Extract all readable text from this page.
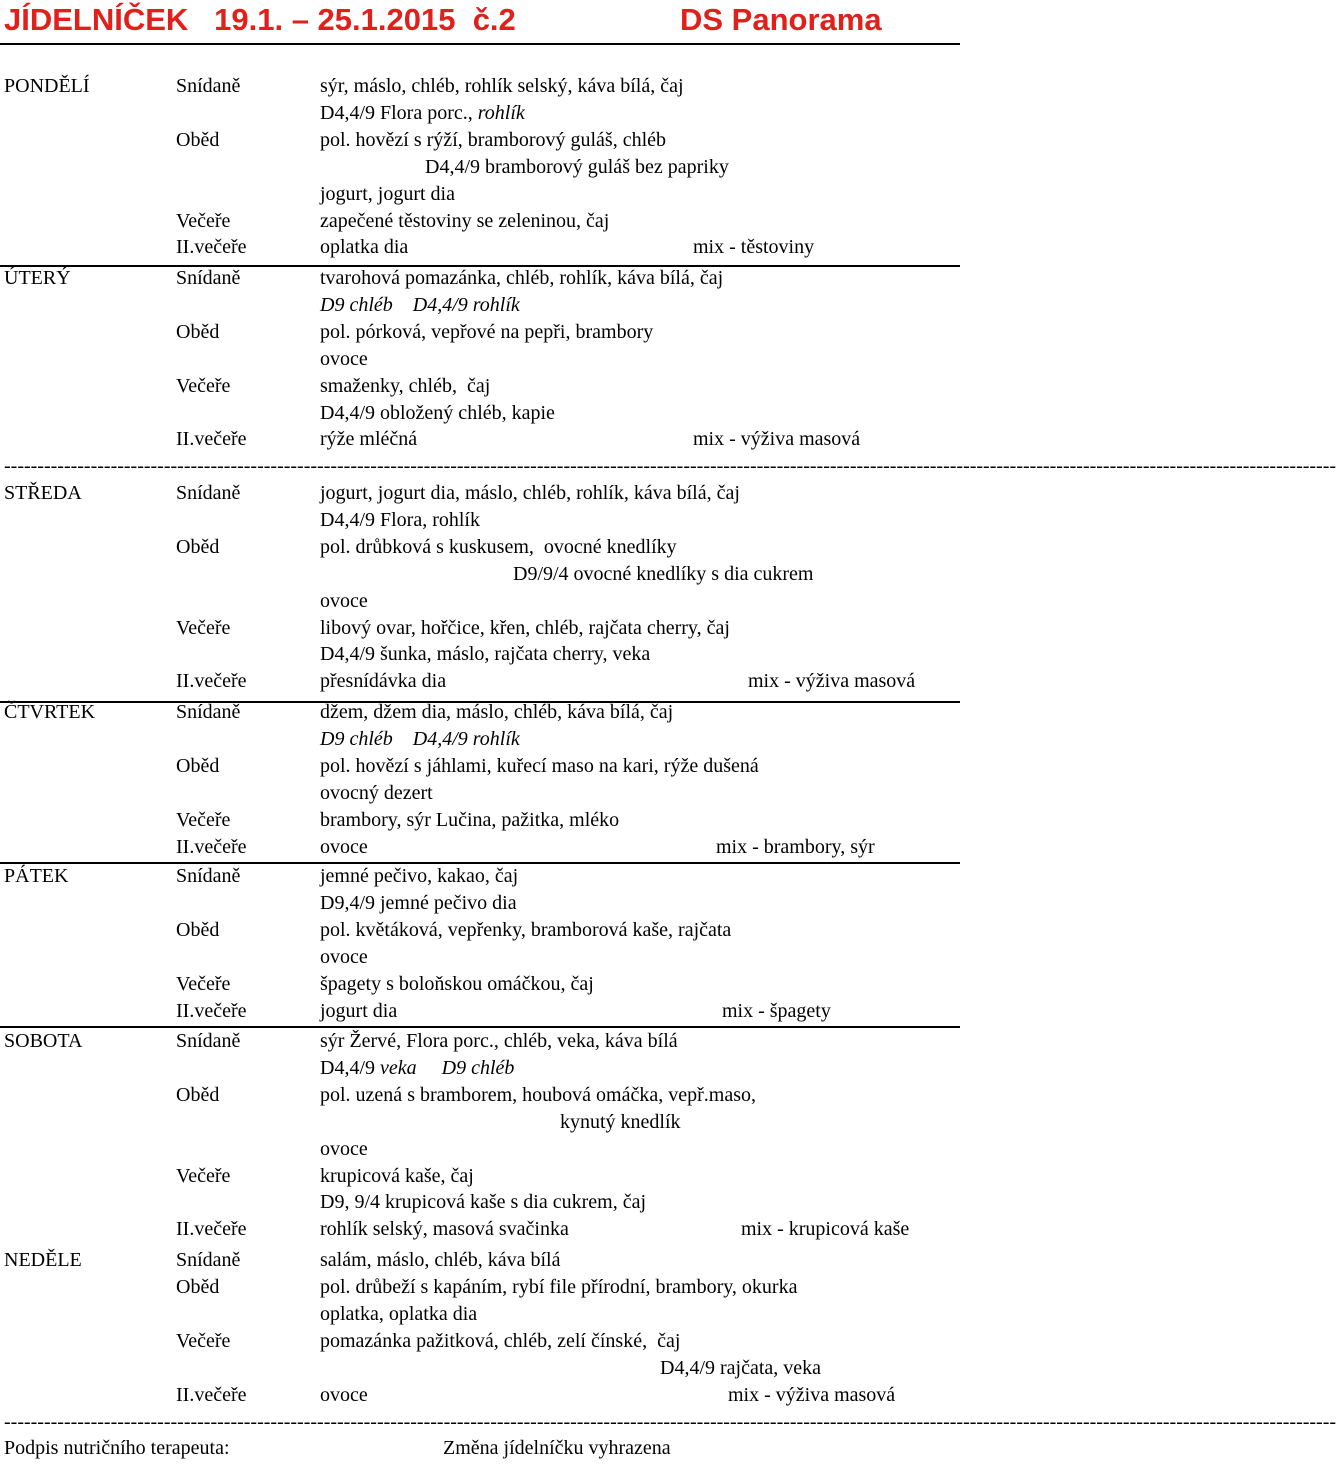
JÍDELNÍČEK   19.1. – 25.1.2015  č.2	DS Panorama
PONDĚLÍ	Snídaně	sýr, máslo, chléb, rohlík selský, káva bílá, čaj
D4,4/9 Flora porc., rohlík
Oběd	pol. hovězí s rýží, bramborový guláš, chléb
D4,4/9 bramborový guláš bez papriky
jogurt, jogurt dia
Večeře	zapečené těstoviny se zeleninou, čaj
II.večeře	oplatka dia	mix - těstoviny
ÚTERÝ	Snídaně	tvarohová pomazánka, chléb, rohlík, káva bílá, čaj
D9 chléb    D4,4/9 rohlík
Oběd	pol. pórková, vepřové na pepři, brambory
ovoce
Večeře	smaženky, chléb,  čaj
D4,4/9 obložený chléb, kapie
II.večeře	rýže mléčná	mix - výživa masová
--------------------------------------------------------------------------------------------------------------------------------------------------------------------------------------------------------
STŘEDA	Snídaně	jogurt, jogurt dia, máslo, chléb, rohlík, káva bílá, čaj
D4,4/9 Flora, rohlík
Oběd	pol. drůbková s kuskusem,  ovocné knedlíky
D9/9/4 ovocné knedlíky s dia cukrem
ovoce
Večeře	libový ovar, hořčice, křen, chléb, rajčata cherry, čaj
D4,4/9 šunka, máslo, rajčata cherry, veka
II.večeře	přesnídávka dia	mix - výživa masová
ČTVRTEK	Snídaně	džem, džem dia, máslo, chléb, káva bílá, čaj
D9 chléb    D4,4/9 rohlík
Oběd	pol. hovězí s jáhlami, kuřecí maso na kari, rýže dušená
ovocný dezert
Večeře	brambory, sýr Lučina, pažitka, mléko
II.večeře	ovoce	mix - brambory, sýr
PÁTEK	Snídaně	jemné pečivo, kakao, čaj
D9,4/9 jemné pečivo dia
Oběd	pol. květáková, vepřenky, bramborová kaše, rajčata
ovoce
Večeře	špagety s boloňskou omáčkou, čaj
II.večeře	jogurt dia	mix - špagety
SOBOTA	Snídaně	sýr Žervé, Flora porc., chléb, veka, káva bílá
D4,4/9 veka     D9 chléb
Oběd	pol. uzená s bramborem, houbová omáčka, vepř.maso,
kynutý knedlík
ovoce
Večeře	krupicová kaše, čaj
D9, 9/4 krupicová kaše s dia cukrem, čaj
II.večeře	rohlík selský, masová svačinka	mix - krupicová kaše
NEDĚLE	Snídaně	salám, máslo, chléb, káva bílá
Oběd	pol. drůbeží s kapáním, rybí file přírodní, brambory, okurka
oplatka, oplatka dia
Večeře	pomazánka pažitková, chléb, zelí čínské,  čaj
D4,4/9 rajčata, veka
II.večeře	ovoce	mix - výživa masová
--------------------------------------------------------------------------------------------------------------------------------------------------------------------------------------------------------
Podpis nutričního terapeuta:	Změna jídelníčku vyhrazena
